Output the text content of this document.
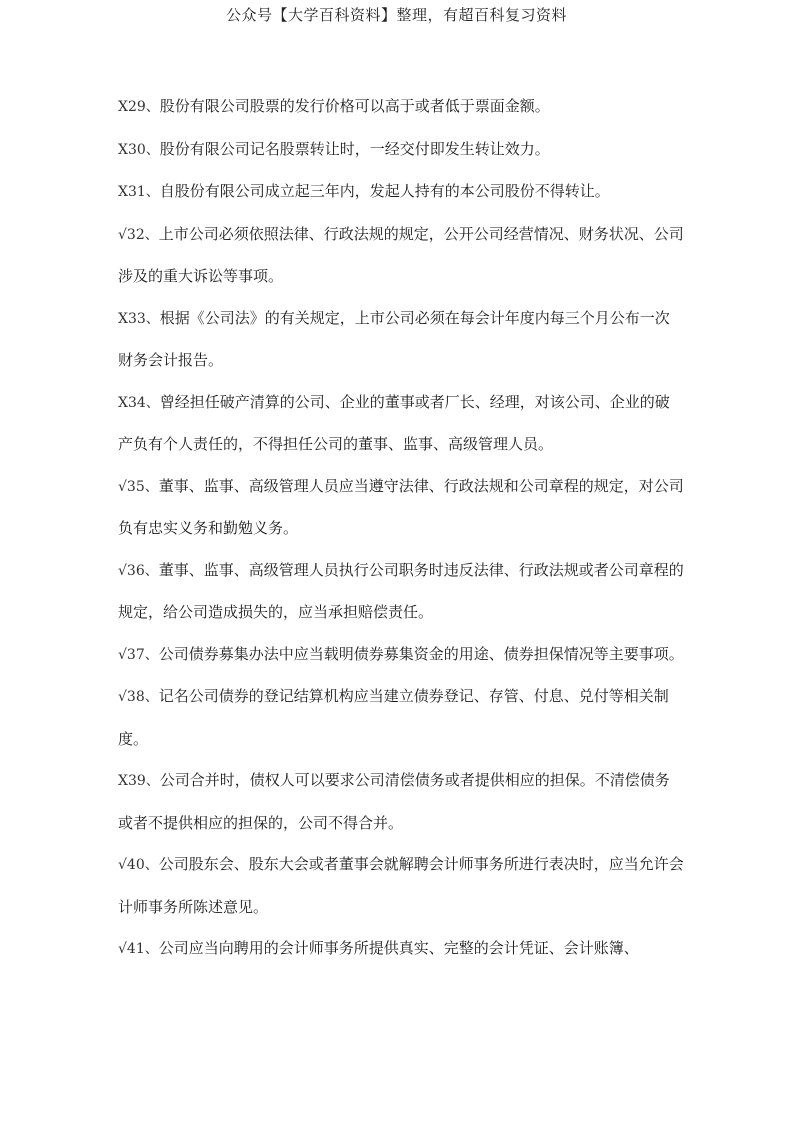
公众号【大学百科资料】整理，有超百科复习资料

X29、股份有限公司股票的发行价格可以高于或者低于票面金额。

X30、股份有限公司记名股票转让时，一经交付即发生转让效力。

X31、自股份有限公司成立起三年内，发起人持有的本公司股份不得转让。

√32、上市公司必须依照法律、行政法规的规定，公开公司经营情况、财务状况、公司涉及的重大诉讼等事项。

X33、根据《公司法》的有关规定，上市公司必须在每会计年度内每三个月公布一次财务会计报告。

X34、曾经担任破产清算的公司、企业的董事或者厂长、经理，对该公司、企业的破产负有个人责任的，不得担任公司的董事、监事、高级管理人员。

√35、董事、监事、高级管理人员应当遵守法律、行政法规和公司章程的规定，对公司负有忠实义务和勤勉义务。

√36、董事、监事、高级管理人员执行公司职务时违反法律、行政法规或者公司章程的规定，给公司造成损失的，应当承担赔偿责任。

√37、公司债券募集办法中应当载明债券募集资金的用途、债券担保情况等主要事项。

√38、记名公司债券的登记结算机构应当建立债券登记、存管、付息、兑付等相关制度。

X39、公司合并时，债权人可以要求公司清偿债务或者提供相应的担保。不清偿债务或者不提供相应的担保的，公司不得合并。

√40、公司股东会、股东大会或者董事会就解聘会计师事务所进行表决时，应当允许会计师事务所陈述意见。

√41、公司应当向聘用的会计师事务所提供真实、完整的会计凭证、会计账簿、
